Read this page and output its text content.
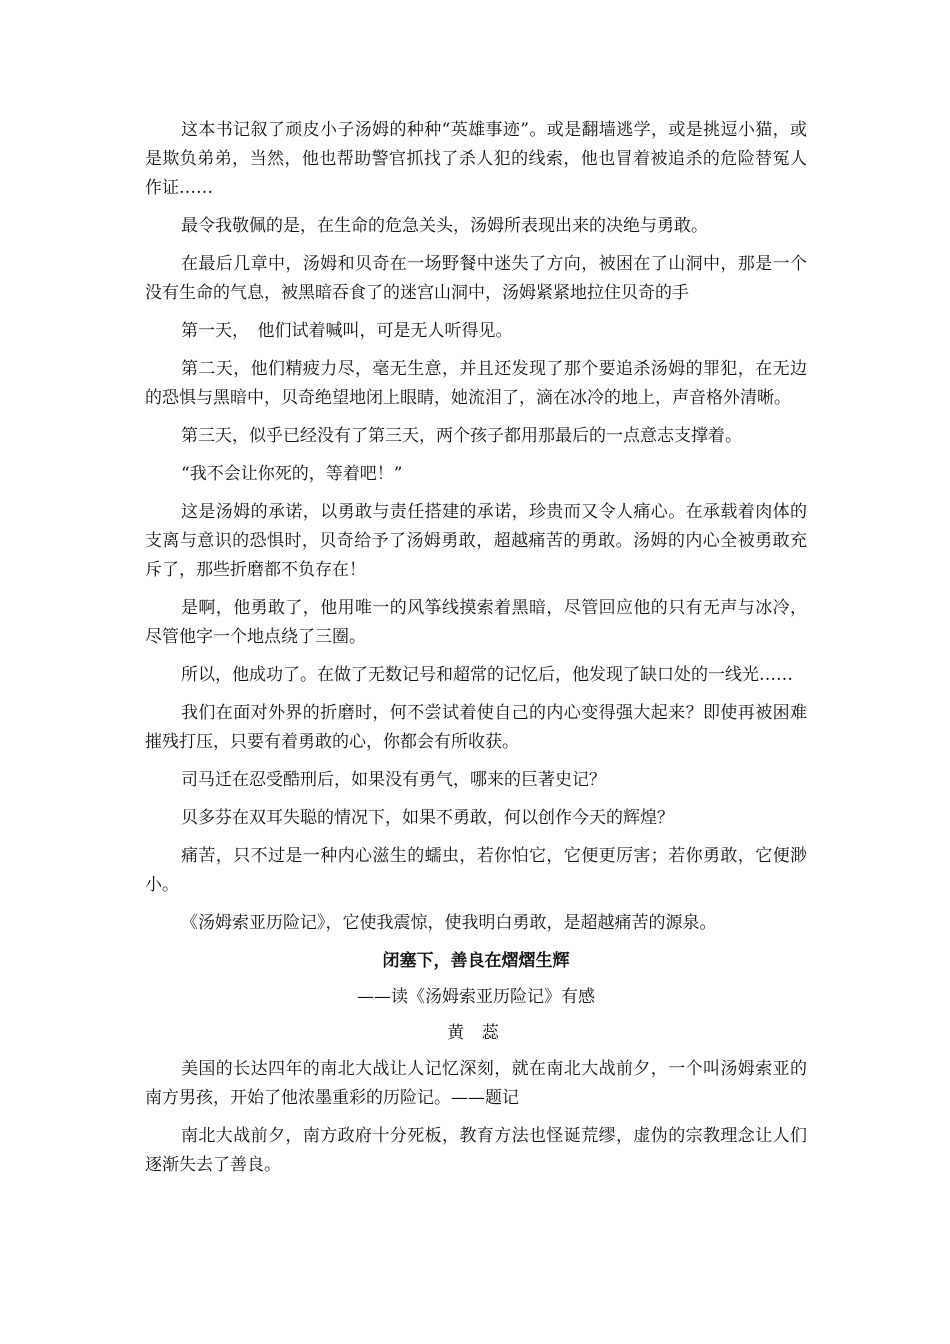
这本书记叙了顽皮小子汤姆的种种“英雄事迹”。或是翻墙逃学，或是挑逗小猫，或是欺负弟弟，当然，他也帮助警官抓找了杀人犯的线索，他也冒着被追杀的危险替冤人作证……

最令我敬佩的是，在生命的危急关头，汤姆所表现出来的决绝与勇敢。

在最后几章中，汤姆和贝奇在一场野餐中迷失了方向，被困在了山洞中，那是一个没有生命的气息，被黑暗吞食了的迷宫山洞中，汤姆紧紧地拉住贝奇的手

第一天，　他们试着喊叫，可是无人听得见。

第二天，他们精疲力尽，毫无生意，并且还发现了那个要追杀汤姆的罪犯，在无边的恐惧与黑暗中，贝奇绝望地闭上眼睛，她流泪了，滴在冰冷的地上，声音格外清晰。

第三天，似乎已经没有了第三天，两个孩子都用那最后的一点意志支撑着。

“我不会让你死的，等着吧！”

这是汤姆的承诺，以勇敢与责任搭建的承诺，珍贵而又令人痛心。在承载着肉体的支离与意识的恐惧时，贝奇给予了汤姆勇敢，超越痛苦的勇敢。汤姆的内心全被勇敢充斥了，那些折磨都不负存在！

是啊，他勇敢了，他用唯一的风筝线摸索着黑暗，尽管回应他的只有无声与冰冷，尽管他字一个地点绕了三圈。

所以，他成功了。在做了无数记号和超常的记忆后，他发现了缺口处的一线光……

我们在面对外界的折磨时，何不尝试着使自己的内心变得强大起来？即使再被困难摧残打压，只要有着勇敢的心，你都会有所收获。

司马迁在忍受酷刑后，如果没有勇气，哪来的巨著史记？

贝多芬在双耳失聪的情况下，如果不勇敢，何以创作今天的辉煌？

痛苦，只不过是一种内心滋生的蠕虫，若你怕它，它便更厉害；若你勇敢，它便渺小。

《汤姆索亚历险记》，它使我震惊，使我明白勇敢，是超越痛苦的源泉。

闭塞下，善良在熠熠生辉
——读《汤姆索亚历险记》有感
黄 蕊

美国的长达四年的南北大战让人记忆深刻，就在南北大战前夕，一个叫汤姆索亚的南方男孩，开始了他浓墨重彩的历险记。——题记

南北大战前夕，南方政府十分死板，教育方法也怪诞荒缪，虚伪的宗教理念让人们逐渐失去了善良。
